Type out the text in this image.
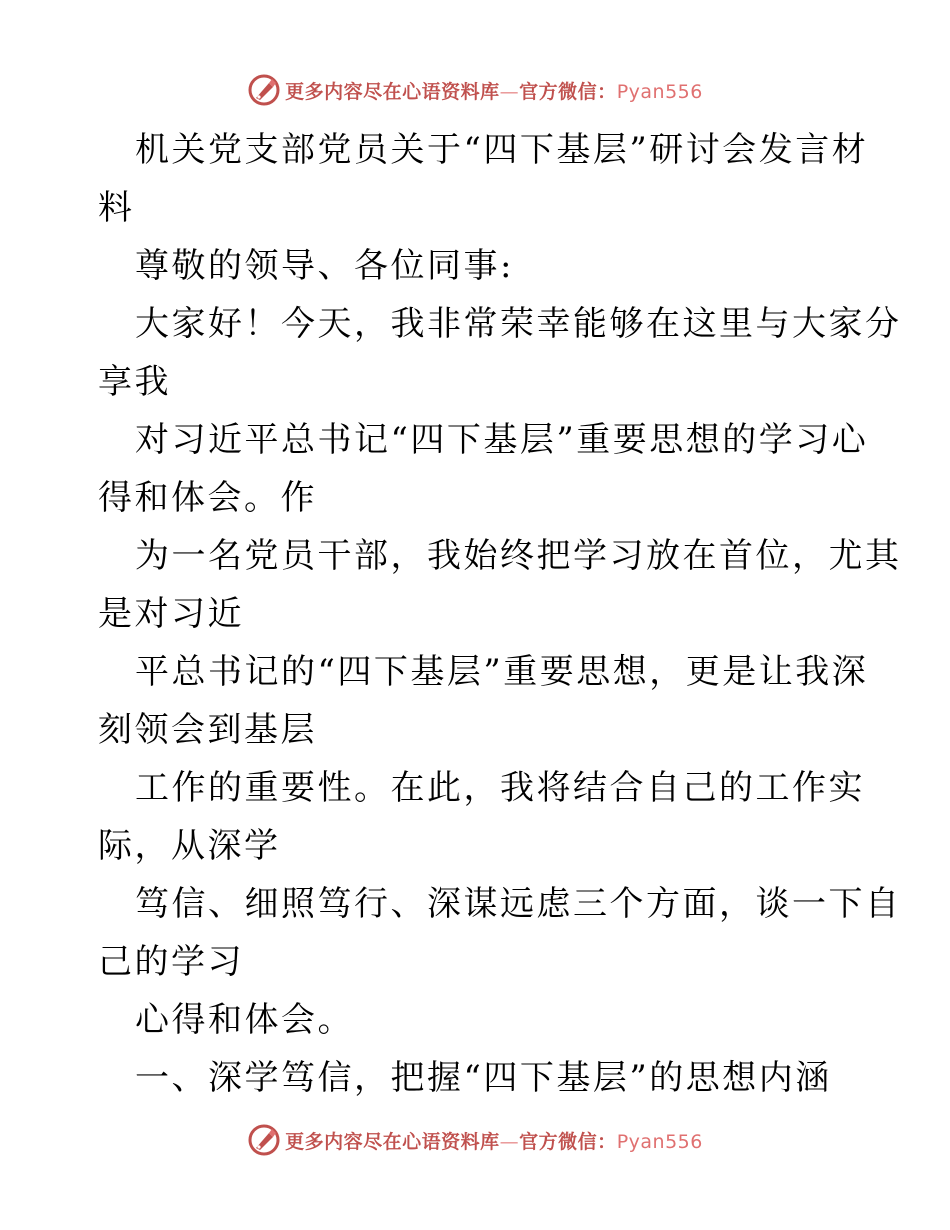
更多内容尽在心语资料库—官方微信：Pyan556
机关党支部党员关于“四下基层”研讨会发言材
料
尊敬的领导、各位同事:
大家好！今天，我非常荣幸能够在这里与大家分
享我
对习近平总书记“四下基层”重要思想的学习心
得和体会。作
为一名党员干部，我始终把学习放在首位，尤其
是对习近
平总书记的“四下基层”重要思想，更是让我深
刻领会到基层
工作的重要性。在此，我将结合自己的工作实
际，从深学
笃信、细照笃行、深谋远虑三个方面，谈一下自
己的学习
心得和体会。
一、深学笃信，把握“四下基层”的思想内涵
更多内容尽在心语资料库—官方微信：Pyan556
